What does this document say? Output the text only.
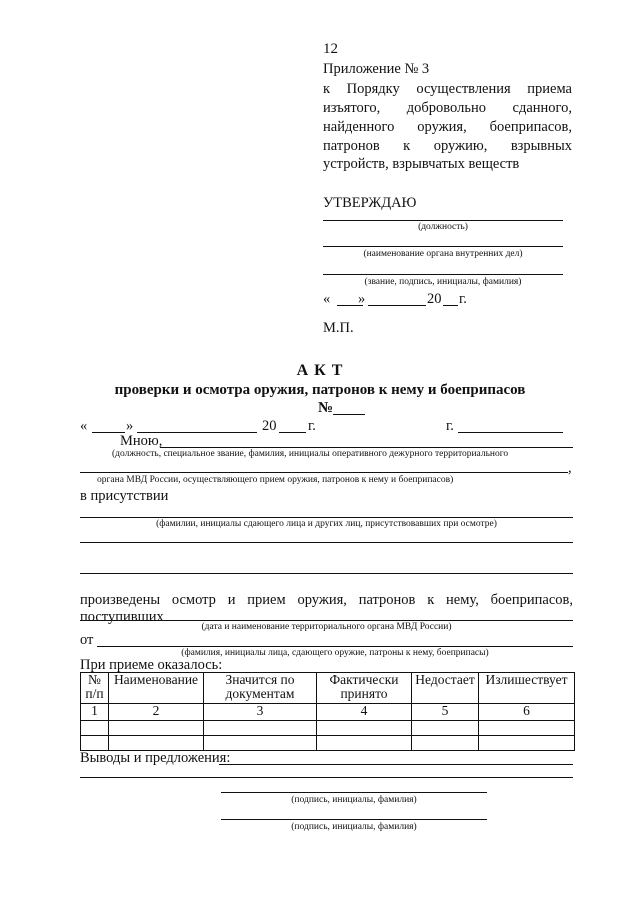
12
Приложение № 3
к Порядку осуществления приема
изъятого, добровольно сданного,
найденного оружия, боеприпасов,
патронов к оружию, взрывных
устройств, взрывчатых веществ
УТВЕРЖДАЮ
(должность)
(наименование органа внутренних дел)
(звание, подпись, инициалы, фамилия)
« »	20 г.
М.П.
А К Т
проверки и осмотра оружия, патронов к нему и боеприпасов
№
«	»	20 г.	г.
Мною,
(должность, специальное звание, фамилия, инициалы оперативного дежурного территориального
,
органа МВД России, осуществляющего прием оружия, патронов к нему и боеприпасов)
в присутствии
(фамилии, инициалы сдающего лица и других лиц, присутствовавших при осмотре)
произведены осмотр и прием оружия, патронов к нему, боеприпасов, поступивших
(дата и наименование территориального органа МВД России)
от
(фамилия, инициалы лица, сдающего оружие, патроны к нему, боеприпасы)
При приеме оказалось:
№ п/п	Наименование	Значится по документам	Фактически принято	Недостает	Излишествует
1	2	3	4	5	6

Выводы и предложения:
(подпись, инициалы, фамилия)
(подпись, инициалы, фамилия)
